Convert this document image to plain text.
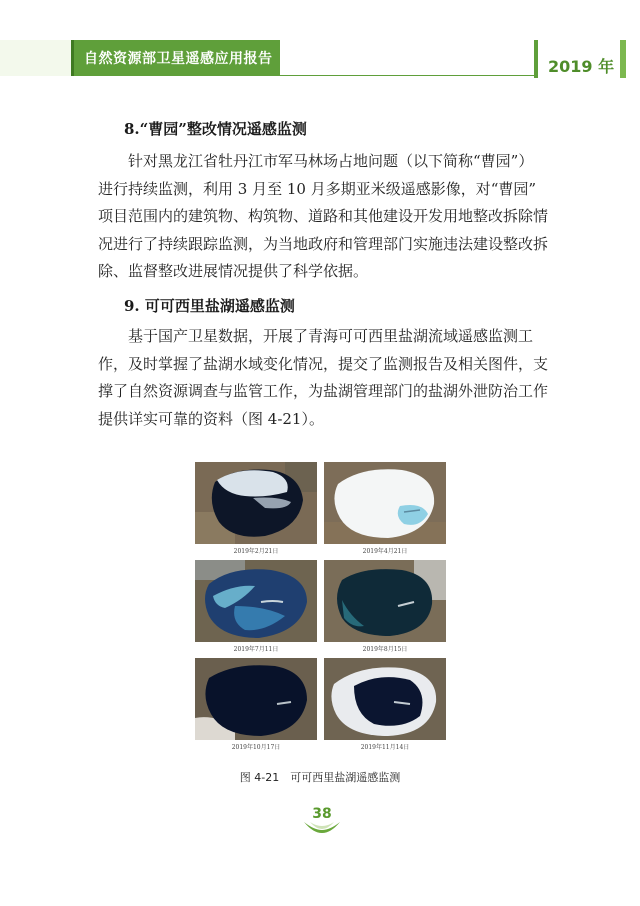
自然资源部卫星遥感应用报告	2019 年
8.“曹园”整改情况遥感监测
针对黑龙江省牡丹江市军马林场占地问题（以下简称“曹园”）
进行持续监测，利用 3 月至 10 月多期亚米级遥感影像，对“曹园”
项目范围内的建筑物、构筑物、道路和其他建设开发用地整改拆除情
况进行了持续跟踪监测，为当地政府和管理部门实施违法建设整改拆
除、监督整改进展情况提供了科学依据。
9. 可可西里盐湖遥感监测
基于国产卫星数据，开展了青海可可西里盐湖流域遥感监测工
作，及时掌握了盐湖水域变化情况，提交了监测报告及相关图件，支
撑了自然资源调查与监管工作，为盐湖管理部门的盐湖外泄防治工作
提供详实可靠的资料（图 4-21）。
2019年2月21日	2019年4月21日
2019年7月11日	2019年8月15日
2019年10月17日	2019年11月14日
图 4-21　可可西里盐湖遥感监测
38
